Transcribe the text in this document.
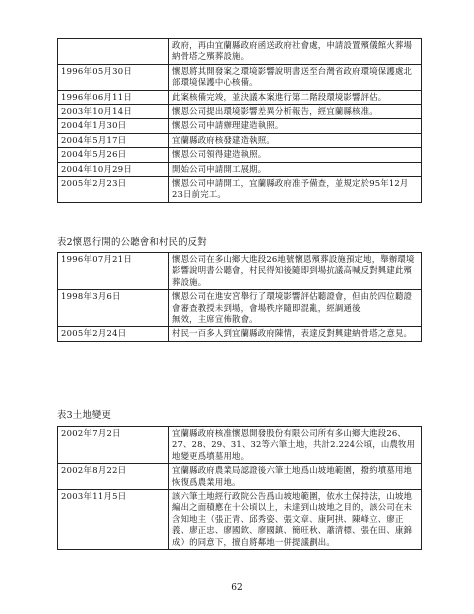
	政府，再由宜蘭縣政府函送政府社會處，申請設置殯儀館火葬場納骨塔之殯葬設施。
1996年05月30日	懷恩將其開發案之環境影響說明書送至台灣省政府環境保護處北部環境保護中心核備。
1996年06月11日	此案核備完竣，並決議本案進行第二階段環境影響評估。
2003年10月14日	懷恩公司提出環境影響差異分析報告，經宜蘭縣核准。
2004年1月30日	懷恩公司申請辦理建造執照。
2004年5月17日	宜蘭縣政府核發建造執照。
2004年5月26日	懷恩公司領得建造執照。
2004年10月29日	開始公司申請開工展期。
2005年2月23日	懷恩公司申請開工，宜蘭縣政府准予備查，並規定於95年12月23日前完工。
表2懷恩行開的公聽會和村民的反對
1996年07月21日	懷恩公司在多山鄉大進段26地號懷恩殯葬設施預定地，舉辦環境影響說明書公聽會，村民得知後隨即到場抗議高喊反對興建此殯葬設施。
1998年3月6日	懷恩公司在進安宮舉行了環境影響評估聽證會，但由於四位聽證會審查教授未到場，會場秩序隨即混亂，經調通後
無效，主席宣佈散會。
2005年2月24日	村民一百多人到宜蘭縣政府陳情，表達反對興建納骨塔之意見。
表3土地變更
2002年7月2日	宜蘭縣政府核准懷恩開發股份有限公司所有多山鄉大進段26、27、28、29、31、32等六筆土地，共計2.224公頃，山農牧用地變更爲墳墓用地。
2002年8月22日	宜蘭縣政府農業局認證後六筆土地爲山坡地範圍，撥約墳墓用地恢復爲農業用地。
2003年11月5日	該六筆土地經行政院公告爲山坡地範圍，依水土保持法，山坡地編出之面積應在十公頃以上，未達到山坡地之目的，該公司在未含知地主（張正青、邱秀姿、張文章、康阿拱、陳峰立、廖正義、廖正忠、廖國欽、廖國鎮、簡旺秋、蕭清標、張在田、康錦成）的同意下，擅自將鄰地一併提議劃出。
62
